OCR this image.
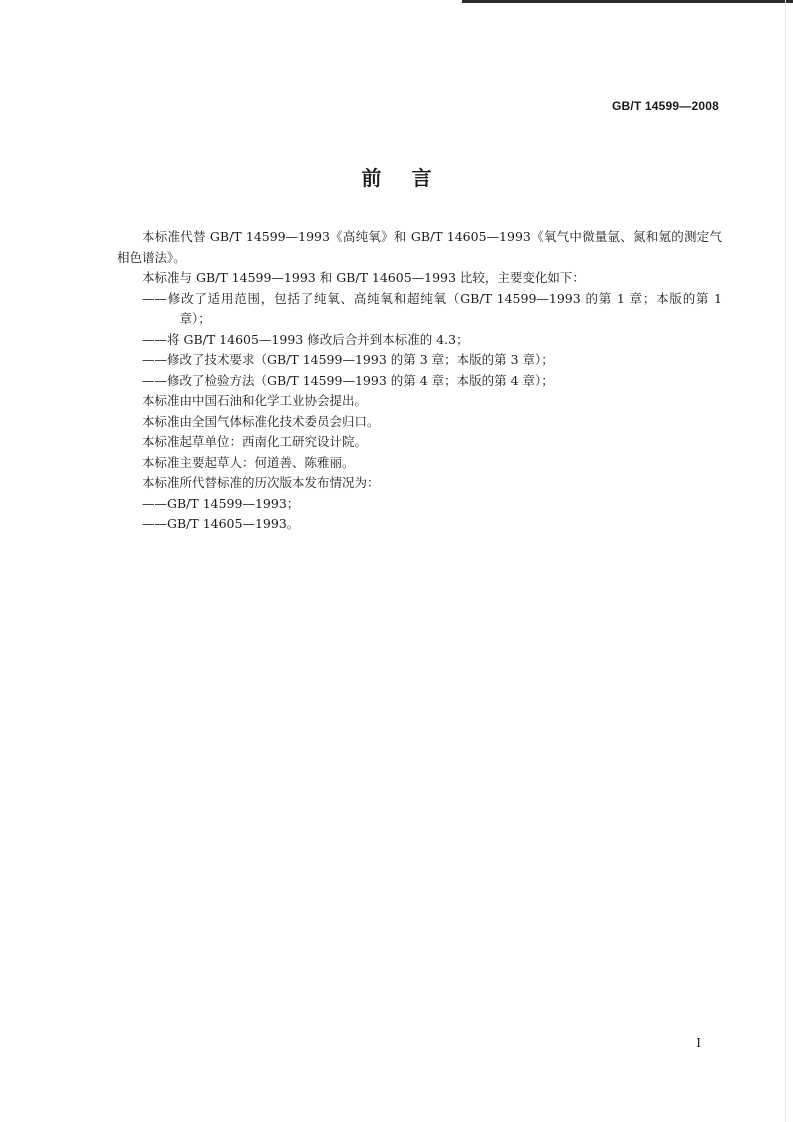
GB/T 14599—2008
前言

本标准代替 GB/T 14599—1993《高纯氧》和 GB/T 14605—1993《氧气中微量氩、氮和氪的测定气相色谱法》。

本标准与 GB/T 14599—1993 和 GB/T 14605—1993 比较，主要变化如下：

——修改了适用范围，包括了纯氧、高纯氧和超纯氧（GB/T 14599—1993 的第 1 章；本版的第 1 章）；

——将 GB/T 14605—1993 修改后合并到本标准的 4.3；

——修改了技术要求（GB/T 14599—1993 的第 3 章；本版的第 3 章）；

——修改了检验方法（GB/T 14599—1993 的第 4 章；本版的第 4 章）；

本标准由中国石油和化学工业协会提出。

本标准由全国气体标准化技术委员会归口。

本标准起草单位：西南化工研究设计院。

本标准主要起草人：何道善、陈雅丽。

本标准所代替标准的历次版本发布情况为：

——GB/T 14599—1993；

——GB/T 14605—1993。

I
